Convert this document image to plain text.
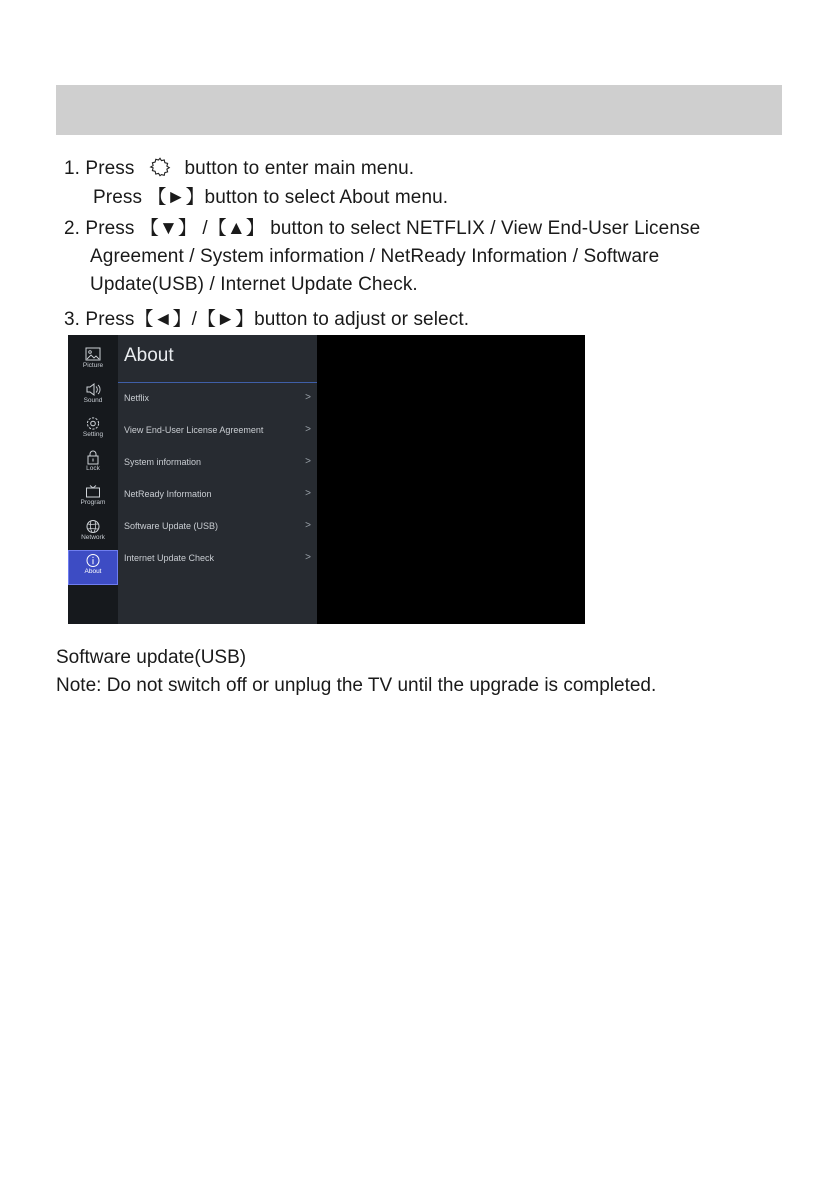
1. Press	button to enter main menu.
Press 【►】button to select About menu.
2. Press 【▼】 /【▲】 button to select NETFLIX / View End-User License
Agreement / System information / NetReady Information / Software
Update(USB) / Internet Update Check.
3. Press【◄】/【►】button to adjust or select.
Picture
Sound
Setting
Lock
Program
Network
About
About
Netflix	>
View End-User License Agreement	>
System information	>
NetReady Information	>
Software Update (USB)	>
Internet Update Check	>
Software update(USB)
Note: Do not switch off or unplug the TV until the upgrade is completed.
